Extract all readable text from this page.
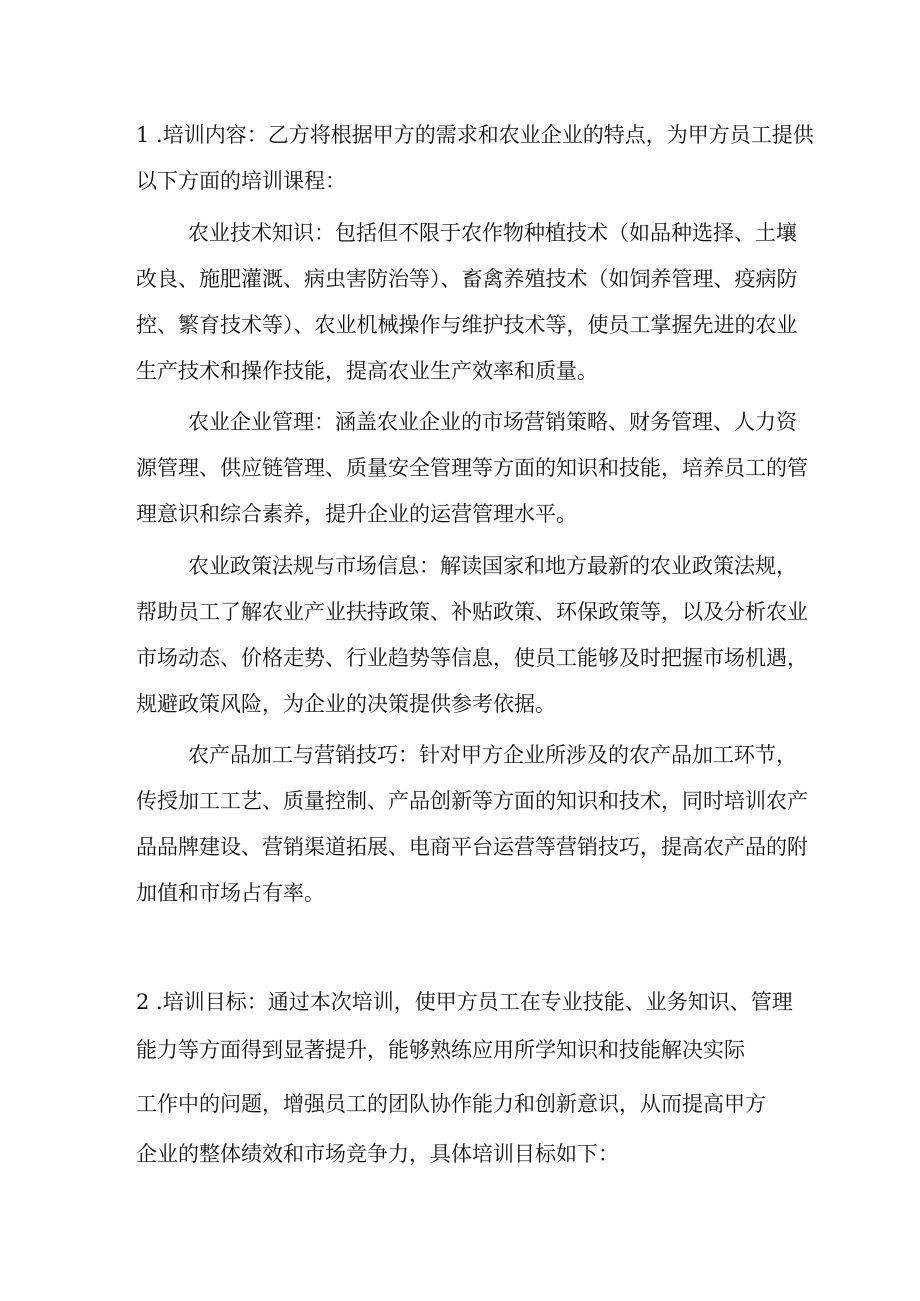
1 .培训内容：乙方将根据甲方的需求和农业企业的特点，为甲方员工提供
以下方面的培训课程：
农业技术知识：包括但不限于农作物种植技术（如品种选择、土壤
改良、施肥灌溉、病虫害防治等）、畜禽养殖技术（如饲养管理、疫病防
控、繁育技术等）、农业机械操作与维护技术等，使员工掌握先进的农业
生产技术和操作技能，提高农业生产效率和质量。
农业企业管理：涵盖农业企业的市场营销策略、财务管理、人力资
源管理、供应链管理、质量安全管理等方面的知识和技能，培养员工的管
理意识和综合素养，提升企业的运营管理水平。
农业政策法规与市场信息：解读国家和地方最新的农业政策法规，
帮助员工了解农业产业扶持政策、补贴政策、环保政策等，以及分析农业
市场动态、价格走势、行业趋势等信息，使员工能够及时把握市场机遇，
规避政策风险，为企业的决策提供参考依据。
农产品加工与营销技巧：针对甲方企业所涉及的农产品加工环节，
传授加工工艺、质量控制、产品创新等方面的知识和技术，同时培训农产
品品牌建设、营销渠道拓展、电商平台运营等营销技巧，提高农产品的附
加值和市场占有率。
2 .培训目标：通过本次培训，使甲方员工在专业技能、业务知识、管理
能力等方面得到显著提升，能够熟练应用所学知识和技能解决实际
工作中的问题，增强员工的团队协作能力和创新意识，从而提高甲方
企业的整体绩效和市场竞争力，具体培训目标如下：
